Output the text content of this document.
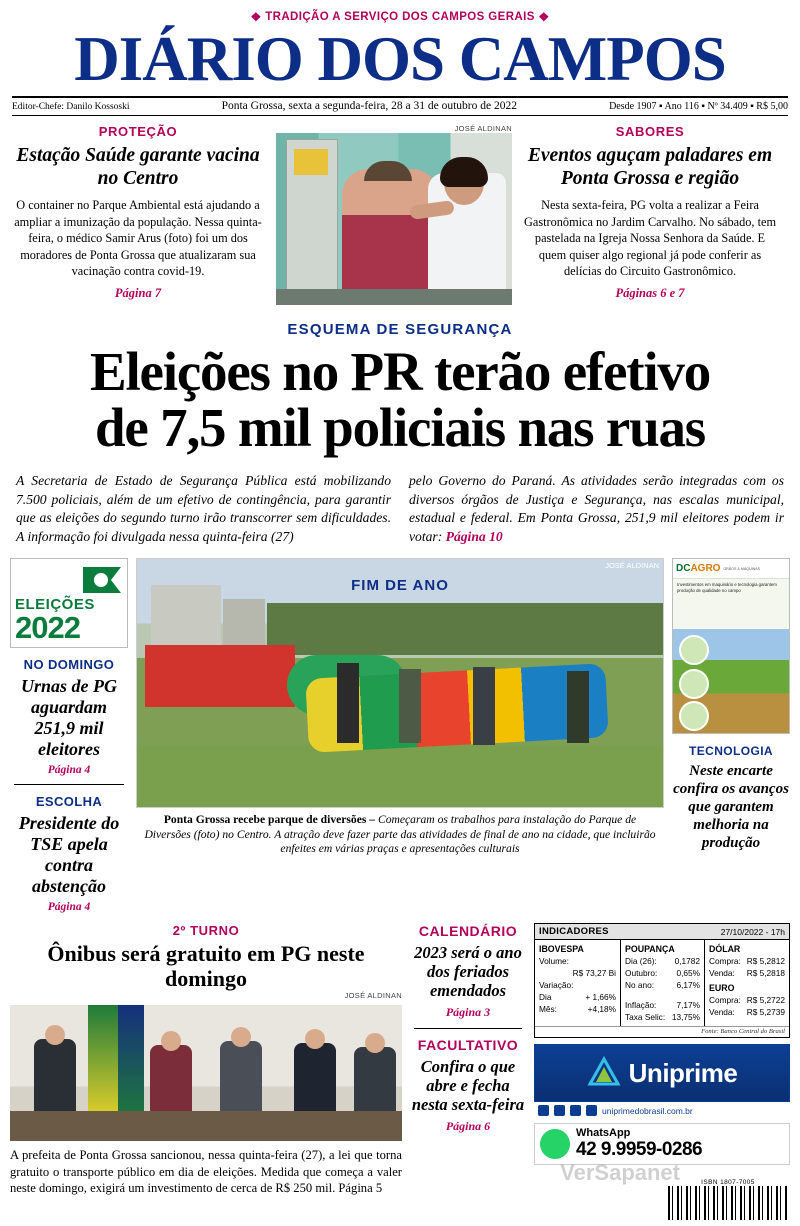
❖ TRADIÇÃO A SERVIÇO DOS CAMPOS GERAIS ❖
DIÁRIO DOS CAMPOS
Editor-Chefe: Danilo Kossoski	Ponta Grossa, sexta a segunda-feira, 28 a 31 de outubro de 2022	Desde 1907 ▪ Ano 116 ▪ Nº 34.409 ▪ R$ 5,00
PROTEÇÃO
Estação Saúde garante vacina no Centro
O container no Parque Ambiental está ajudando a ampliar a imunização da população. Nessa quinta-feira, o médico Samir Arus (foto) foi um dos moradores de Ponta Grossa que atualizaram sua vacinação contra covid-19.
Página 7
JOSÉ ALDINAN	SABORES
Eventos aguçam paladares em Ponta Grossa e região
Nesta sexta-feira, PG volta a realizar a Feira Gastronômica no Jardim Carvalho. No sábado, tem pastelada na Igreja Nossa Senhora da Saúde. E quem quiser algo regional já pode conferir as delícias do Circuito Gastronômico.
Páginas 6 e 7
ESQUEMA DE SEGURANÇA
Eleições no PR terão efetivo
de 7,5 mil policiais nas ruas
A Secretaria de Estado de Segurança Pública está mobilizando 7.500 policiais, além de um efetivo de contingência, para garantir que as eleições do segundo turno irão transcorrer sem dificuldades. A informação foi divulgada nessa quinta-feira (27)
pelo Governo do Paraná. As atividades serão integradas com os diversos órgãos de Justiça e Segurança, nas escalas municipal, estadual e federal. Em Ponta Grossa, 251,9 mil eleitores podem ir votar: Página 10
ELEIÇÕES
2022
NO DOMINGO
Urnas de PG aguardam 251,9 mil eleitores
Página 4
ESCOLHA
Presidente do TSE apela contra abstenção
Página 4
FIM DE ANO
JOSÉ ALDINAN
Ponta Grossa recebe parque de diversões – Começaram os trabalhos para instalação do Parque de Diversões (foto) no Centro. A atração deve fazer parte das atividades de final de ano na cidade, que incluirão enfeites em várias praças e apresentações culturais
DCAGRO GRÃOS & MÁQUINAS
Investimentos em maquinário e tecnologia garantem produção de qualidade no campo
TECNOLOGIA
Neste encarte confira os avanços que garantem melhoria na produção
2º TURNO
Ônibus será gratuito em PG neste domingo
JOSÉ ALDINAN
A prefeita de Ponta Grossa sancionou, nessa quinta-feira (27), a lei que torna gratuito o transporte público em dia de eleições. Medida que começa a valer neste domingo, exigirá um investimento de cerca de R$ 250 mil. Página 5
CALENDÁRIO
2023 será o ano dos feriados emendados
Página 3
FACULTATIVO
Confira o que abre e fecha nesta sexta-feira
Página 6
INDICADORES	27/10/2022 - 17h
IBOVESPA
Volume:
R$ 73,27 Bi
Variação:
Dia	+ 1,66%
Mês:	+4,18%
POUPANÇA
Dia (26): 0,1782
Outubro: 0,65%
No ano:	6,17%
Inflação: 7,17%
Taxa Selic: 13,75%
DÓLAR
Compra: R$ 5,2812
Venda: R$ 5,2818
EURO
Compra: R$ 5,2722
Venda: R$ 5,2739
Fonte: Banco Central do Brasil
Uniprime
uniprimedobrasil.com.br
WhatsApp
42 9.9959-0286
VerSapanet	ISBN 1807-7005
